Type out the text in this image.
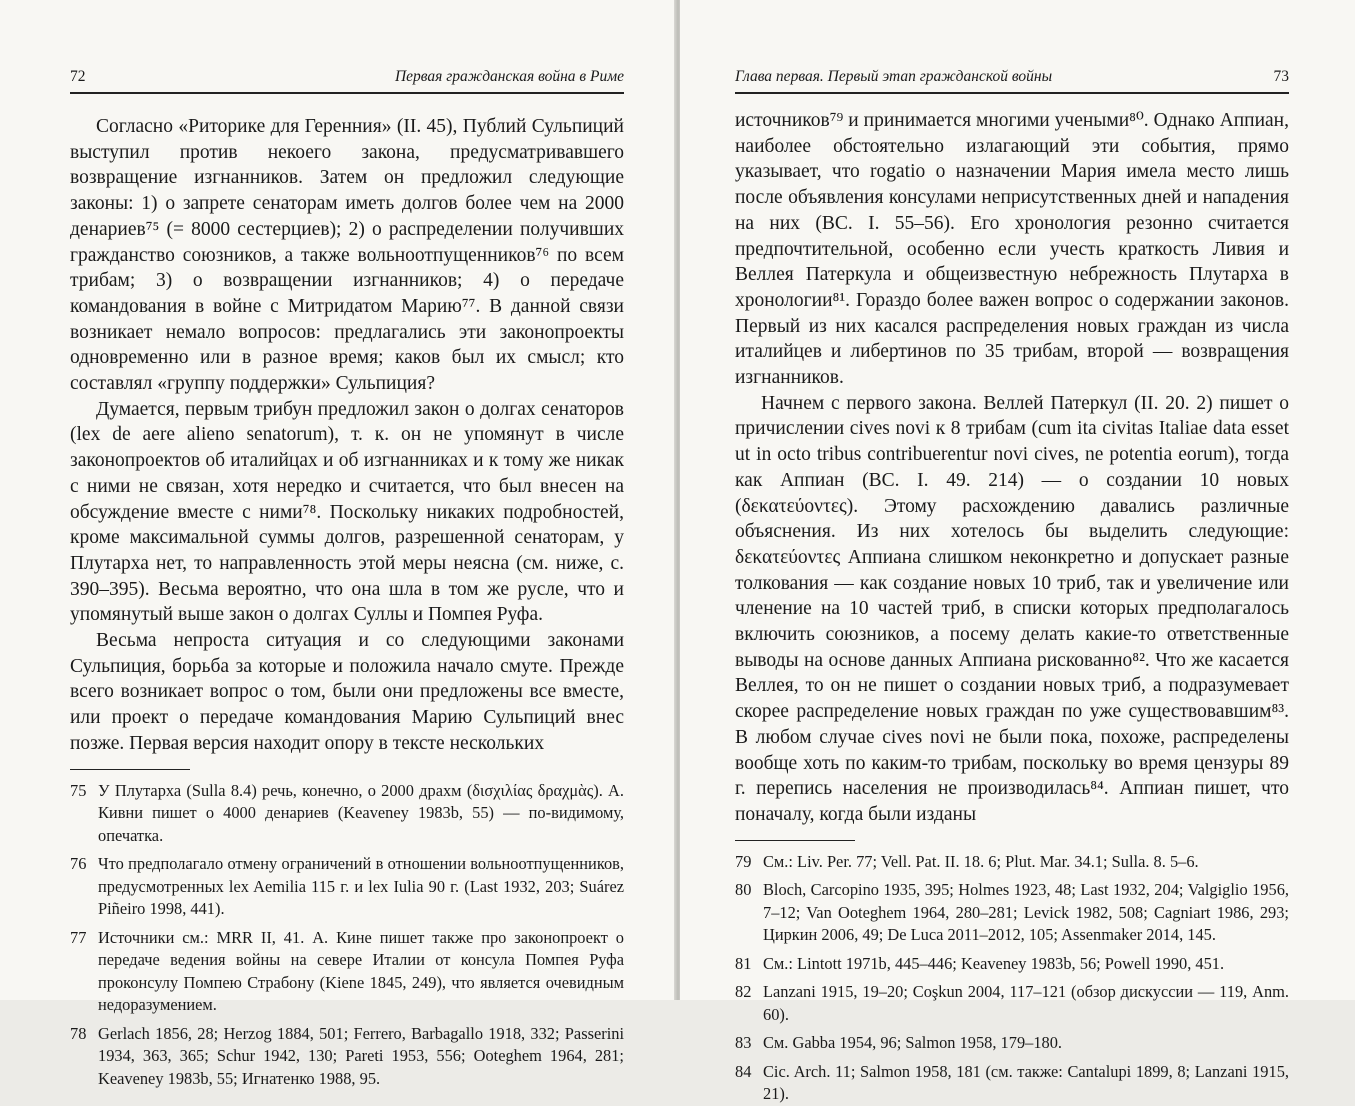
72	Первая гражданская война в Риме

Согласно «Риторике для Геренния» (II. 45), Публий Сульпиций выступил против некоего закона, предусматривавшего возвращение изгнанников. Затем он предложил следующие законы: 1) о запрете сенаторам иметь долгов более чем на 2000 денариев⁷⁵ (= 8000 сестерциев); 2) о распределении получивших гражданство союзников, а также вольноотпущенников⁷⁶ по всем трибам; 3) о возвращении изгнанников; 4) о передаче командования в войне с Митридатом Марию⁷⁷. В данной связи возникает немало вопросов: предлагались эти законопроекты одновременно или в разное время; каков был их смысл; кто составлял «группу поддержки» Сульпиция?

Думается, первым трибун предложил закон о долгах сенаторов (lex de aere alieno senatorum), т. к. он не упомянут в числе законопроектов об италийцах и об изгнанниках и к тому же никак с ними не связан, хотя нередко и считается, что был внесен на обсуждение вместе с ними⁷⁸. Поскольку никаких подробностей, кроме максимальной суммы долгов, разрешенной сенаторам, у Плутарха нет, то направленность этой меры неясна (см. ниже, с. 390–395). Весьма вероятно, что она шла в том же русле, что и упомянутый выше закон о долгах Суллы и Помпея Руфа.

Весьма непроста ситуация и со следующими законами Сульпиция, борьба за которые и положила начало смуте. Прежде всего возникает вопрос о том, были они предложены все вместе, или проект о передаче командования Марию Сульпиций внес позже. Первая версия находит опору в тексте нескольких

75 У Плутарха (Sulla 8.4) речь, конечно, о 2000 драхм (δισχιλίας δραχμὰς). А. Кивни пишет о 4000 денариев (Keaveney 1983b, 55) — по-видимому, опечатка.
76 Что предполагало отмену ограничений в отношении вольноотпущенников, предусмотренных lex Aemilia 115 г. и lex Iulia 90 г. (Last 1932, 203; Suárez Piñeiro 1998, 441).
77 Источники см.: MRR II, 41. А. Кине пишет также про законопроект о передаче ведения войны на севере Италии от консула Помпея Руфа проконсулу Помпею Страбону (Kiene 1845, 249), что является очевидным недоразумением.
78 Gerlach 1856, 28; Herzog 1884, 501; Ferrero, Barbagallo 1918, 332; Passerini 1934, 363, 365; Schur 1942, 130; Pareti 1953, 556; Ooteghem 1964, 281; Keaveney 1983b, 55; Игнатенко 1988, 95.
Глава первая. Первый этап гражданской войны	73

источников⁷⁹ и принимается многими учеными⁸⁰. Однако Аппиан, наиболее обстоятельно излагающий эти события, прямо указывает, что rogatio о назначении Мария имела место лишь после объявления консулами неприсутственных дней и нападения на них (BC. I. 55–56). Его хронология резонно считается предпочтительной, особенно если учесть краткость Ливия и Веллея Патеркула и общеизвестную небрежность Плутарха в хронологии⁸¹. Гораздо более важен вопрос о содержании законов. Первый из них касался распределения новых граждан из числа италийцев и либертинов по 35 трибам, второй — возвращения изгнанников.

Начнем с первого закона. Веллей Патеркул (II. 20. 2) пишет о причислении cives novi к 8 трибам (cum ita civitas Italiae data esset ut in octo tribus contribuerentur novi cives, ne potentia eorum), тогда как Аппиан (BC. I. 49. 214) — о создании 10 новых (δεκατεύοντες). Этому расхождению давались различные объяснения. Из них хотелось бы выделить следующие: δεκατεύοντες Аппиана слишком неконкретно и допускает разные толкования — как создание новых 10 триб, так и увеличение или членение на 10 частей триб, в списки которых предполагалось включить союзников, а посему делать какие-то ответственные выводы на основе данных Аппиана рискованно⁸². Что же касается Веллея, то он не пишет о создании новых триб, а подразумевает скорее распределение новых граждан по уже существовавшим⁸³. В любом случае cives novi не были пока, похоже, распределены вообще хоть по каким-то трибам, поскольку во время цензуры 89 г. перепись населения не производилась⁸⁴. Аппиан пишет, что поначалу, когда были изданы

79 См.: Liv. Per. 77; Vell. Pat. II. 18. 6; Plut. Mar. 34.1; Sulla. 8. 5–6.
80 Bloch, Carcopino 1935, 395; Holmes 1923, 48; Last 1932, 204; Valgiglio 1956, 7–12; Van Ooteghem 1964, 280–281; Levick 1982, 508; Cagniart 1986, 293; Циркин 2006, 49; De Luca 2011–2012, 105; Assenmaker 2014, 145.
81 См.: Lintott 1971b, 445–446; Keaveney 1983b, 56; Powell 1990, 451.
82 Lanzani 1915, 19–20; Coşkun 2004, 117–121 (обзор дискуссии — 119, Anm. 60).
83 См. Gabba 1954, 96; Salmon 1958, 179–180.
84 Cic. Arch. 11; Salmon 1958, 181 (см. также: Cantalupi 1899, 8; Lanzani 1915, 21).
